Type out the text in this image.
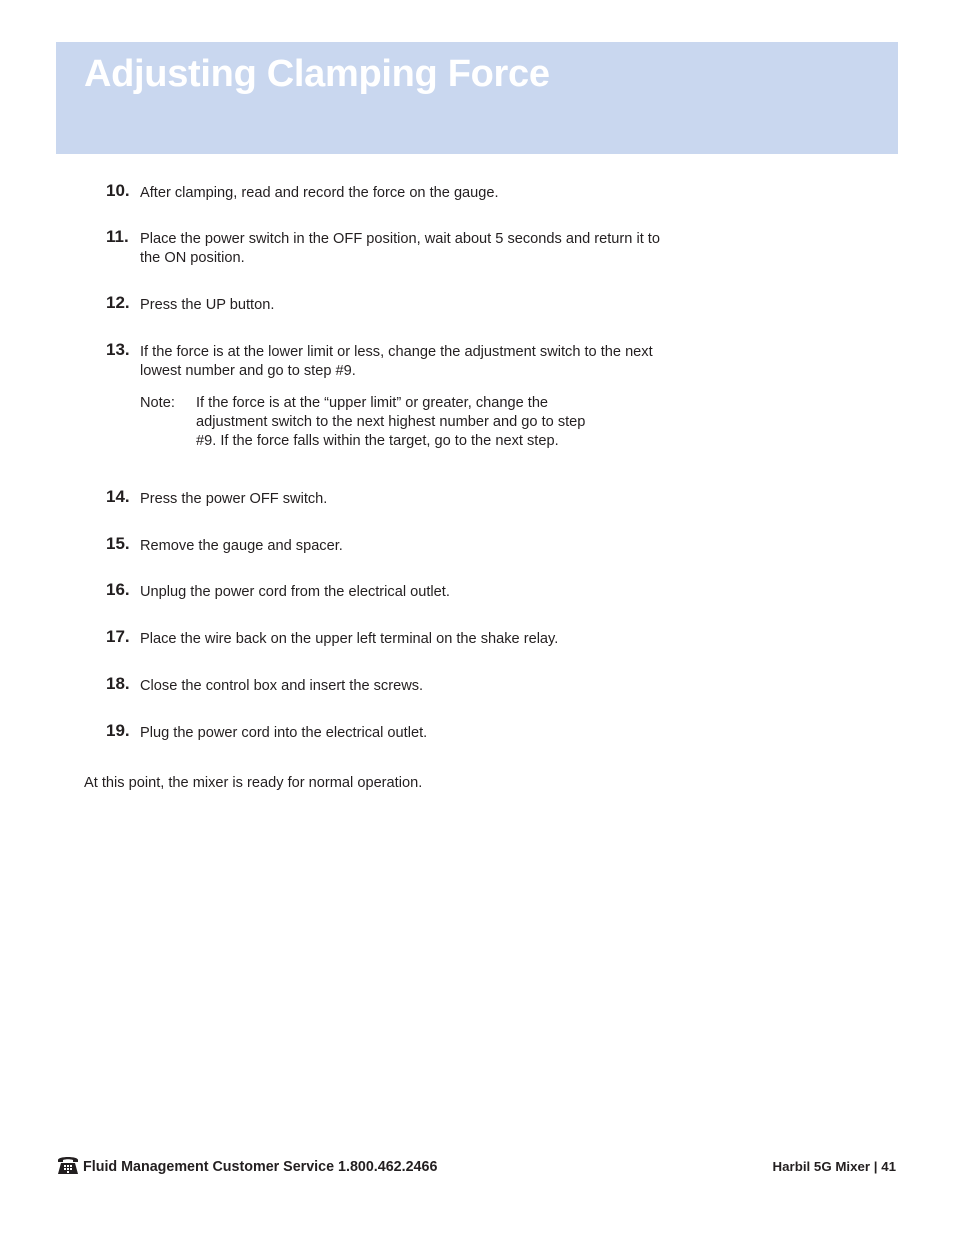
Adjusting Clamping Force
10. After clamping, read and record the force on the gauge.
11. Place the power switch in the OFF position, wait about 5 seconds and return it to the ON position.
12. Press the UP button.
13. If the force is at the lower limit or less, change the adjustment switch to the next lowest number and go to step #9.
Note: If the force is at the “upper limit” or greater, change the adjustment switch to the next highest number and go to step #9. If the force falls within the target, go to the next step.
14. Press the power OFF switch.
15. Remove the gauge and spacer.
16. Unplug the power cord from the electrical outlet.
17. Place the wire back on the upper left terminal on the shake relay.
18. Close the control box and insert the screws.
19. Plug the power cord into the electrical outlet.

At this point, the mixer is ready for normal operation.

Fluid Management Customer Service 1.800.462.2466	Harbil 5G Mixer | 41
